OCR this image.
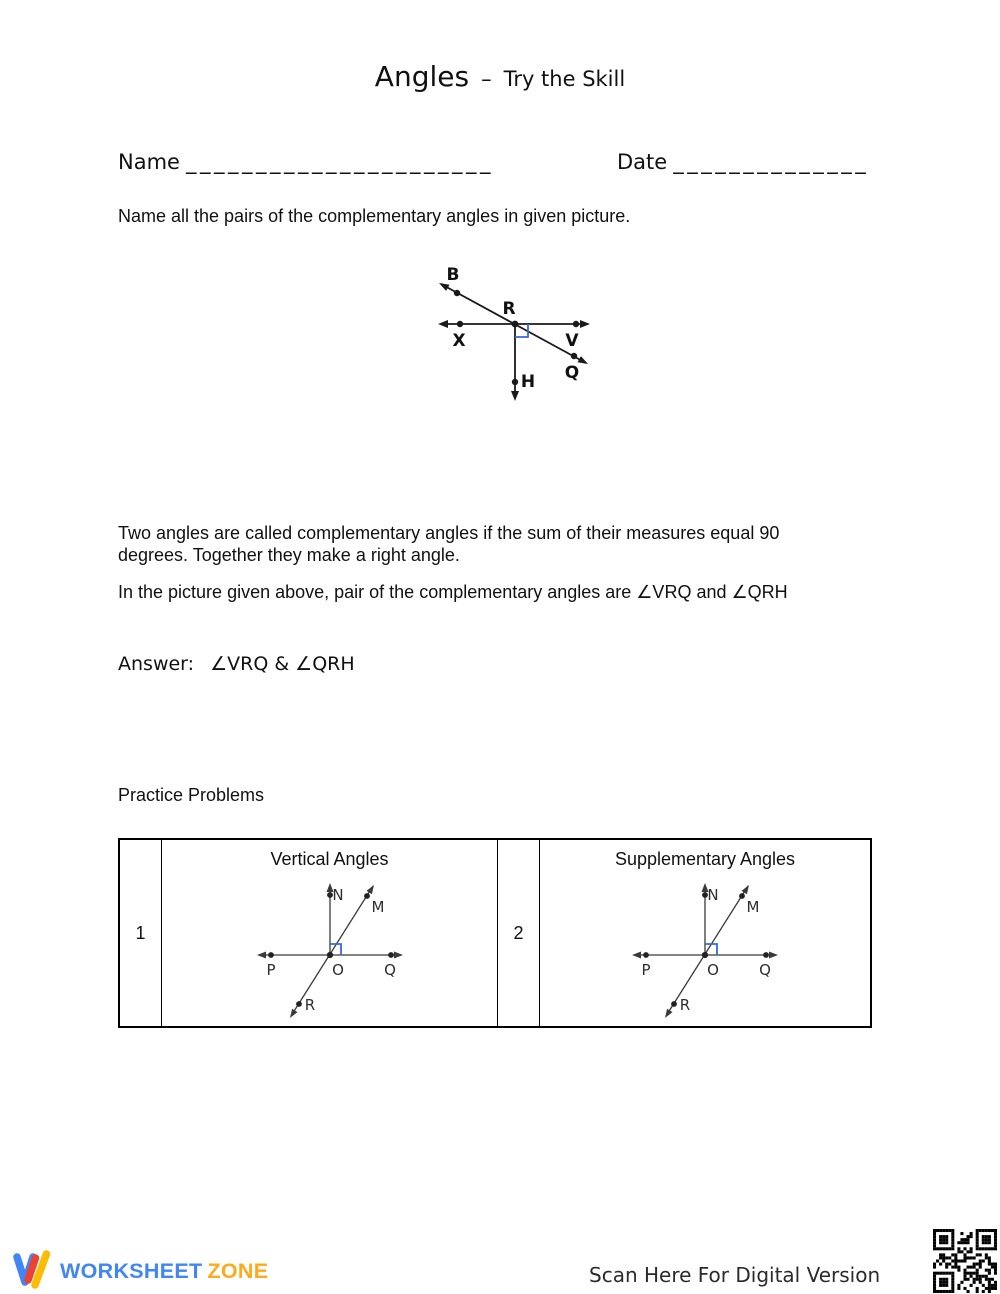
Angles – Try the Skill
Name ______________________	Date ______________
Name all the pairs of the complementary angles in given picture.
B
R
X	V
Q
H
Two angles are called complementary angles if the sum of their measures equal 90
degrees. Together they make a right angle.
In the picture given above, pair of the complementary angles are ∠VRQ and ∠QRH
Answer: ∠VRQ & ∠QRH
Practice Problems
1
Vertical Angles
N
M
P	O	Q
R
2
Supplementary Angles
N
M
P	O	Q
R
WORKSHEET ZONE	Scan Here For Digital Version
